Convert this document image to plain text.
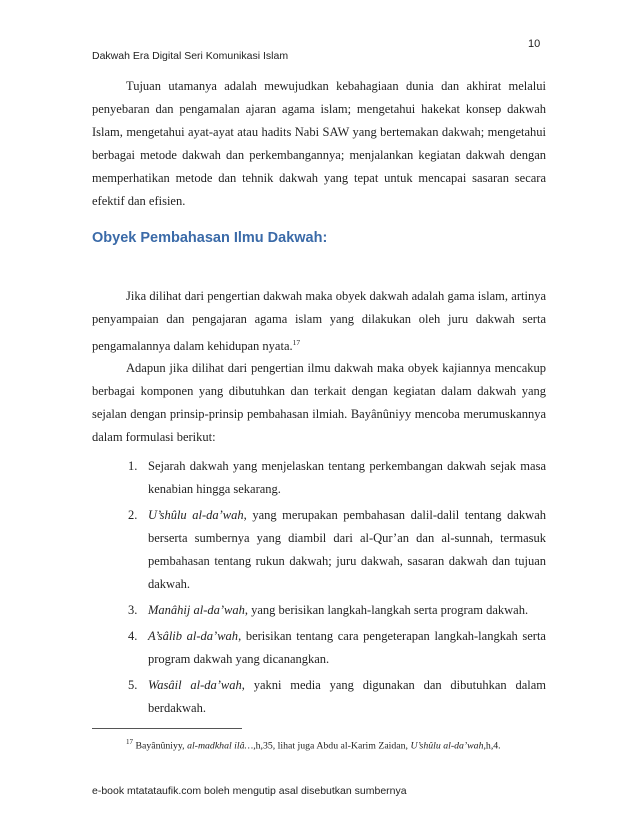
10
Dakwah Era Digital Seri Komunikasi Islam

Tujuan utamanya adalah mewujudkan kebahagiaan dunia dan akhirat melalui penyebaran dan pengamalan ajaran agama islam; mengetahui hakekat konsep dakwah Islam, mengetahui ayat-ayat atau hadits Nabi SAW yang bertemakan dakwah; mengetahui berbagai metode dakwah dan perkembangannya; menjalankan kegiatan dakwah dengan memperhatikan metode dan tehnik dakwah yang tepat untuk mencapai sasaran secara efektif dan efisien.

Obyek Pembahasan Ilmu Dakwah:

Jika dilihat dari pengertian dakwah maka obyek dakwah adalah gama islam, artinya penyampaian dan pengajaran agama islam yang dilakukan oleh juru dakwah serta pengamalannya dalam kehidupan nyata.$^{17}$

Adapun jika dilihat dari pengertian ilmu dakwah maka obyek kajiannya mencakup berbagai komponen yang dibutuhkan dan terkait dengan kegiatan dalam dakwah yang sejalan dengan prinsip-prinsip pembahasan ilmiah. Bayânûniyy mencoba merumuskannya dalam formulasi berikut:

1. Sejarah dakwah yang menjelaskan tentang perkembangan dakwah sejak masa kenabian hingga sekarang.

2. U’shûlu al-da’wah, yang merupakan pembahasan dalil-dalil tentang dakwah berserta sumbernya yang diambil dari al-Qur’an dan al-sunnah, termasuk pembahasan tentang rukun dakwah; juru dakwah, sasaran dakwah dan tujuan dakwah.

3. Manâhij al-da’wah, yang berisikan langkah-langkah serta program dakwah.

4. A’sâlib al-da’wah, berisikan tentang cara pengeterapan langkah-langkah serta program dakwah yang dicanangkan.

5. Wasâil al-da’wah, yakni media yang digunakan dan dibutuhkan dalam berdakwah.

$^{17}$ Bayânûniyy, al-madkhal ilâ…,h,35, lihat juga Abdu al-Karim Zaidan, U’shûlu al-da’wah,h,4.
e-book mtatataufik.com boleh mengutip asal disebutkan sumbernya
